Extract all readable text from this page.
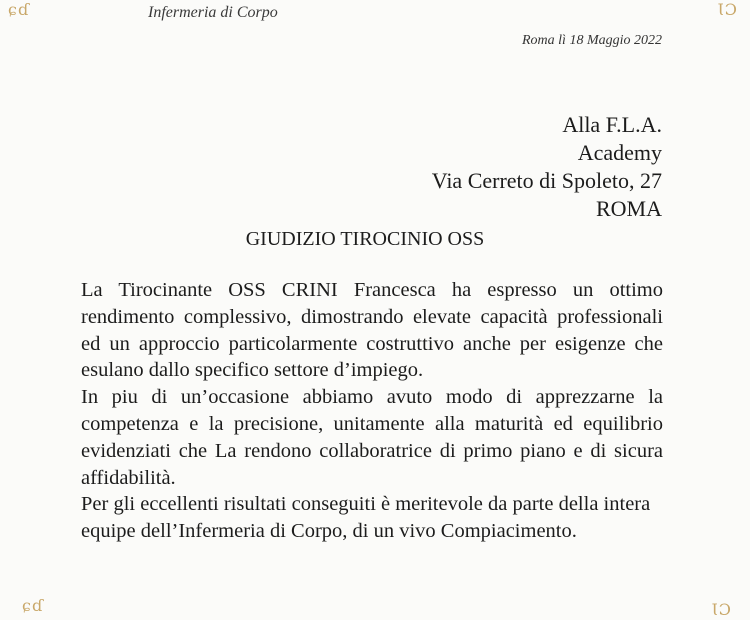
ɕɗ	ƖƆ
ɕɗ	ƖƆ
Infermeria di Corpo
Roma lì 18 Maggio 2022
Alla F.L.A.
Academy
Via Cerreto di Spoleto, 27
ROMA
GIUDIZIO TIROCINIO OSS

La Tirocinante OSS CRINI Francesca ha espresso un ottimo rendimento complessivo, dimostrando elevate capacità professionali ed un approccio particolarmente costruttivo anche per esigenze che esulano dallo specifico settore d’impiego.

In piu di un’occasione abbiamo avuto modo di apprezzarne la competenza e la precisione, unitamente alla maturità ed equilibrio evidenziati che La rendono collaboratrice di primo piano e di sicura affidabilità.

Per gli eccellenti risultati conseguiti è meritevole da parte della intera equipe dell’Infermeria di Corpo, di un vivo Compiacimento.
